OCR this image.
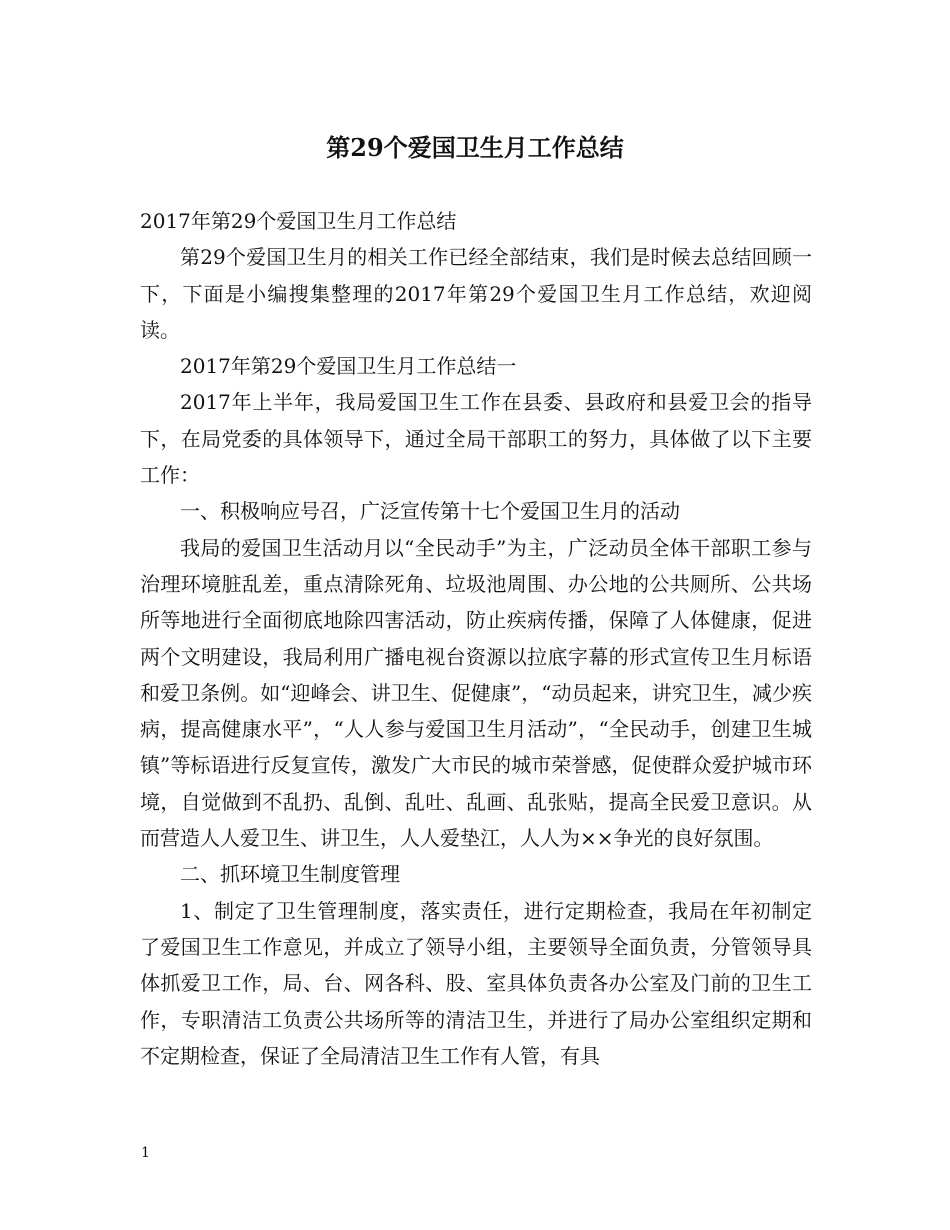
第29个爱国卫生月工作总结

2017年第29个爱国卫生月工作总结

第29个爱国卫生月的相关工作已经全部结束，我们是时候去总结回顾一下，下面是小编搜集整理的2017年第29个爱国卫生月工作总结，欢迎阅读。

2017年第29个爱国卫生月工作总结一

2017年上半年，我局爱国卫生工作在县委、县政府和县爱卫会的指导下，在局党委的具体领导下，通过全局干部职工的努力，具体做了以下主要工作：

一、积极响应号召，广泛宣传第十七个爱国卫生月的活动

我局的爱国卫生活动月以“全民动手”为主，广泛动员全体干部职工参与治理环境脏乱差，重点清除死角、垃圾池周围、办公地的公共厕所、公共场所等地进行全面彻底地除四害活动，防止疾病传播，保障了人体健康，促进两个文明建设，我局利用广播电视台资源以拉底字幕的形式宣传卫生月标语和爱卫条例。如“迎峰会、讲卫生、促健康”，“动员起来，讲究卫生，减少疾病，提高健康水平”，“人人参与爱国卫生月活动”，“全民动手，创建卫生城镇”等标语进行反复宣传，激发广大市民的城市荣誉感，促使群众爱护城市环境，自觉做到不乱扔、乱倒、乱吐、乱画、乱张贴，提高全民爱卫意识。从而营造人人爱卫生、讲卫生，人人爱垫江，人人为××争光的良好氛围。

二、抓环境卫生制度管理

1、制定了卫生管理制度，落实责任，进行定期检查，我局在年初制定了爱国卫生工作意见，并成立了领导小组，主要领导全面负责，分管领导具体抓爱卫工作，局、台、网各科、股、室具体负责各办公室及门前的卫生工作，专职清洁工负责公共场所等的清洁卫生，并进行了局办公室组织定期和不定期检查，保证了全局清洁卫生工作有人管，有具

1
